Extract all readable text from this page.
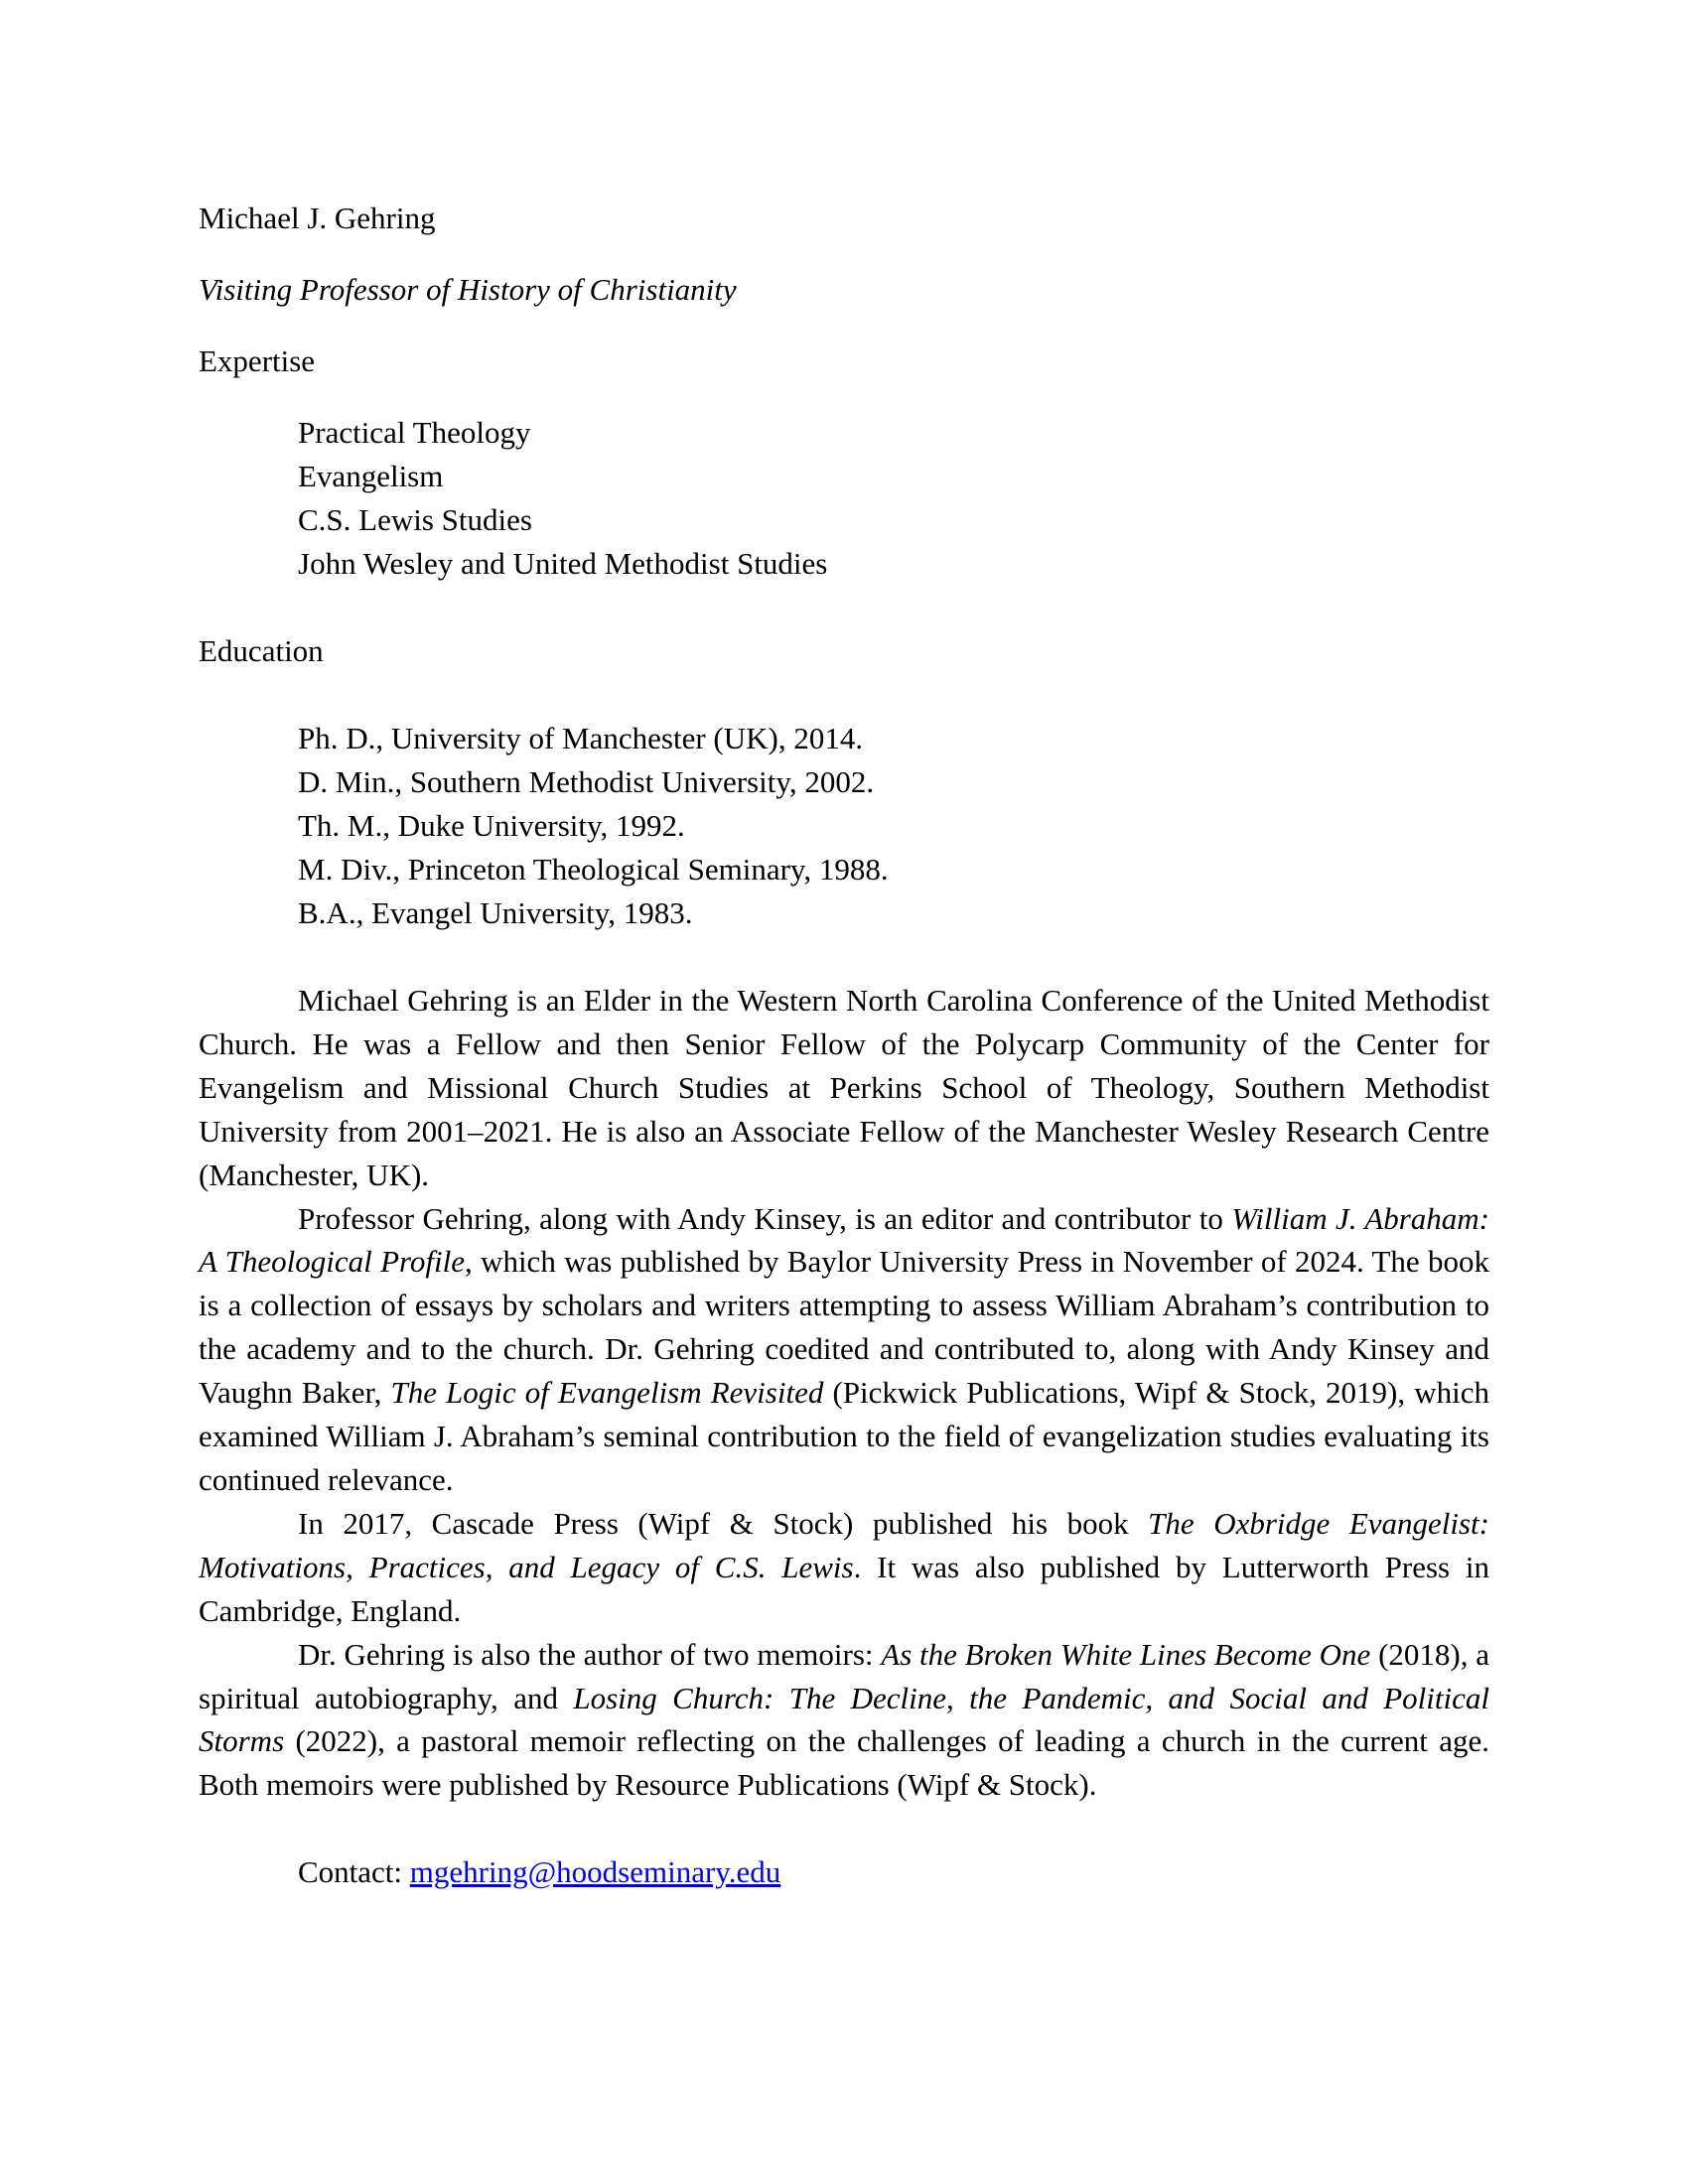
Michael J. Gehring

Visiting Professor of History of Christianity

Expertise

Practical Theology

Evangelism

C.S. Lewis Studies

John Wesley and United Methodist Studies

Education

Ph. D., University of Manchester (UK), 2014.

D. Min., Southern Methodist University, 2002.

Th. M., Duke University, 1992.

M. Div., Princeton Theological Seminary, 1988.

B.A., Evangel University, 1983.

Michael Gehring is an Elder in the Western North Carolina Conference of the United Methodist Church. He was a Fellow and then Senior Fellow of the Polycarp Community of the Center for Evangelism and Missional Church Studies at Perkins School of Theology, Southern Methodist University from 2001–2021. He is also an Associate Fellow of the Manchester Wesley Research Centre (Manchester, UK).

Professor Gehring, along with Andy Kinsey, is an editor and contributor to William J. Abraham: A Theological Profile, which was published by Baylor University Press in November of 2024. The book is a collection of essays by scholars and writers attempting to assess William Abraham’s contribution to the academy and to the church. Dr. Gehring coedited and contributed to, along with Andy Kinsey and Vaughn Baker, The Logic of Evangelism Revisited (Pickwick Publications, Wipf & Stock, 2019), which examined William J. Abraham’s seminal contribution to the field of evangelization studies evaluating its continued relevance.

In 2017, Cascade Press (Wipf & Stock) published his book The Oxbridge Evangelist: Motivations, Practices, and Legacy of C.S. Lewis. It was also published by Lutterworth Press in Cambridge, England.

Dr. Gehring is also the author of two memoirs: As the Broken White Lines Become One (2018), a spiritual autobiography, and Losing Church: The Decline, the Pandemic, and Social and Political Storms (2022), a pastoral memoir reflecting on the challenges of leading a church in the current age. Both memoirs were published by Resource Publications (Wipf & Stock).

Contact: mgehring@hoodseminary.edu
